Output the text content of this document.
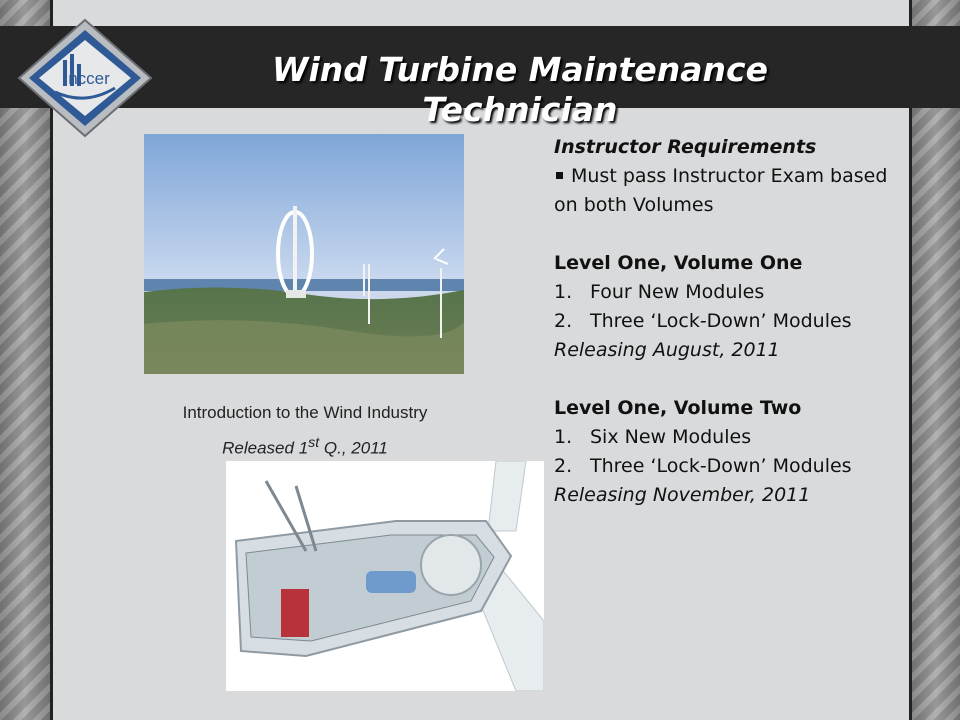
Wind Turbine Maintenance
Technician
nccer
Introduction to the Wind Industry
Released 1st Q., 2011
Instructor Requirements
Must pass Instructor Exam based on both Volumes
Level One, Volume One
1. Four New Modules
2. Three ‘Lock-Down’ Modules
Releasing August, 2011
Level One, Volume Two
1. Six New Modules
2. Three ‘Lock-Down’ Modules
Releasing November, 2011
